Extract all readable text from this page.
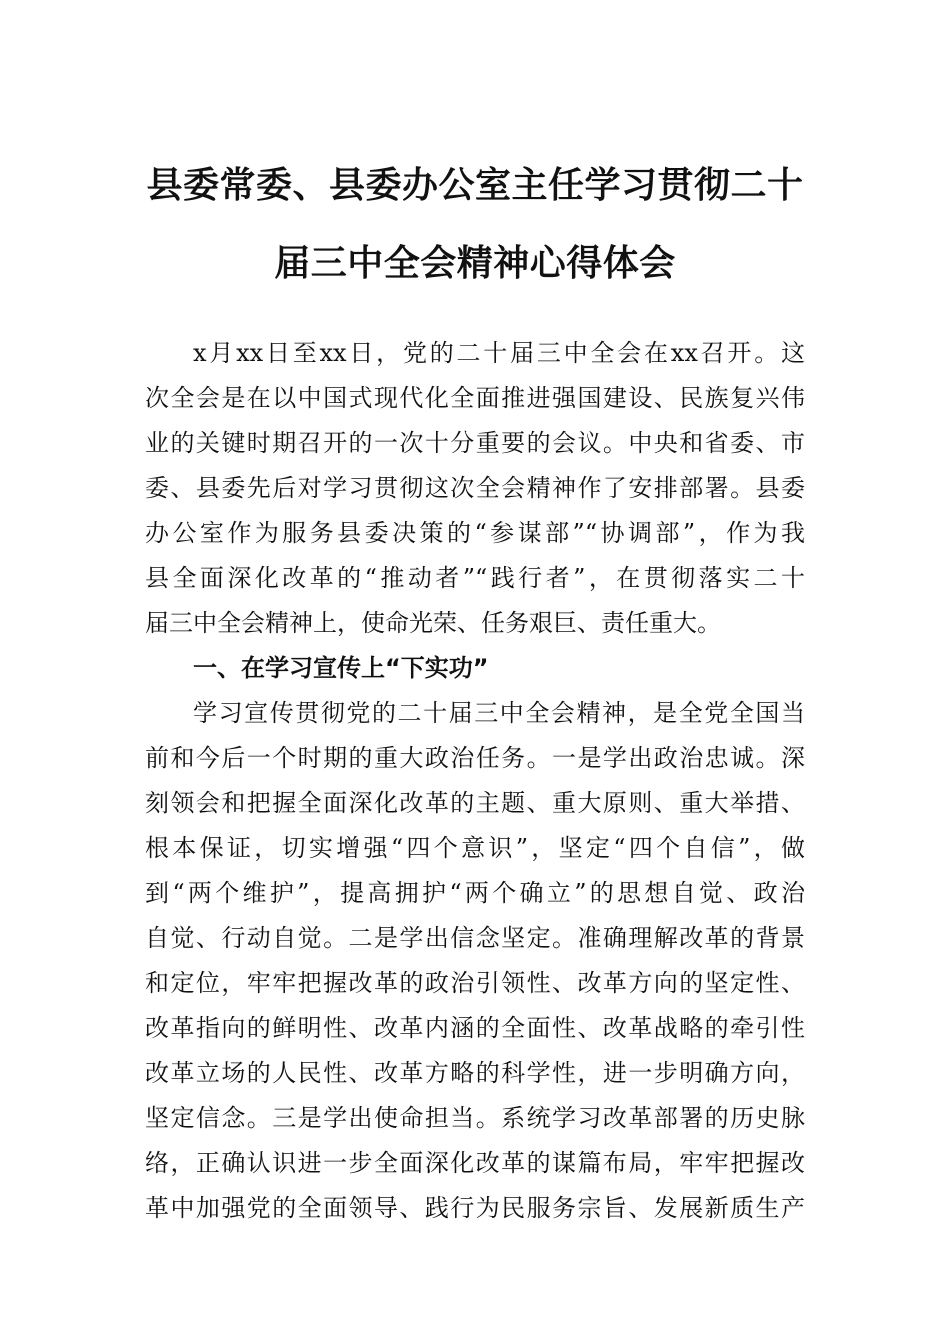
县委常委、县委办公室主任学习贯彻二十
届三中全会精神心得体会
x月xx日至xx日，党的二十届三中全会在xx召开。这
次全会是在以中国式现代化全面推进强国建设、民族复兴伟
业的关键时期召开的一次十分重要的会议。中央和省委、市
委、县委先后对学习贯彻这次全会精神作了安排部署。县委
办公室作为服务县委决策的“参谋部”“协调部”，作为我
县全面深化改革的“推动者”“践行者”，在贯彻落实二十
届三中全会精神上，使命光荣、任务艰巨、责任重大。
一、在学习宣传上“下实功”
学习宣传贯彻党的二十届三中全会精神，是全党全国当
前和今后一个时期的重大政治任务。一是学出政治忠诚。深
刻领会和把握全面深化改革的主题、重大原则、重大举措、
根本保证，切实增强“四个意识”，坚定“四个自信”，做
到“两个维护”，提高拥护“两个确立”的思想自觉、政治
自觉、行动自觉。二是学出信念坚定。准确理解改革的背景
和定位，牢牢把握改革的政治引领性、改革方向的坚定性、
改革指向的鲜明性、改革内涵的全面性、改革战略的牵引性
改革立场的人民性、改革方略的科学性，进一步明确方向，
坚定信念。三是学出使命担当。系统学习改革部署的历史脉
络，正确认识进一步全面深化改革的谋篇布局，牢牢把握改
革中加强党的全面领导、践行为民服务宗旨、发展新质生产
